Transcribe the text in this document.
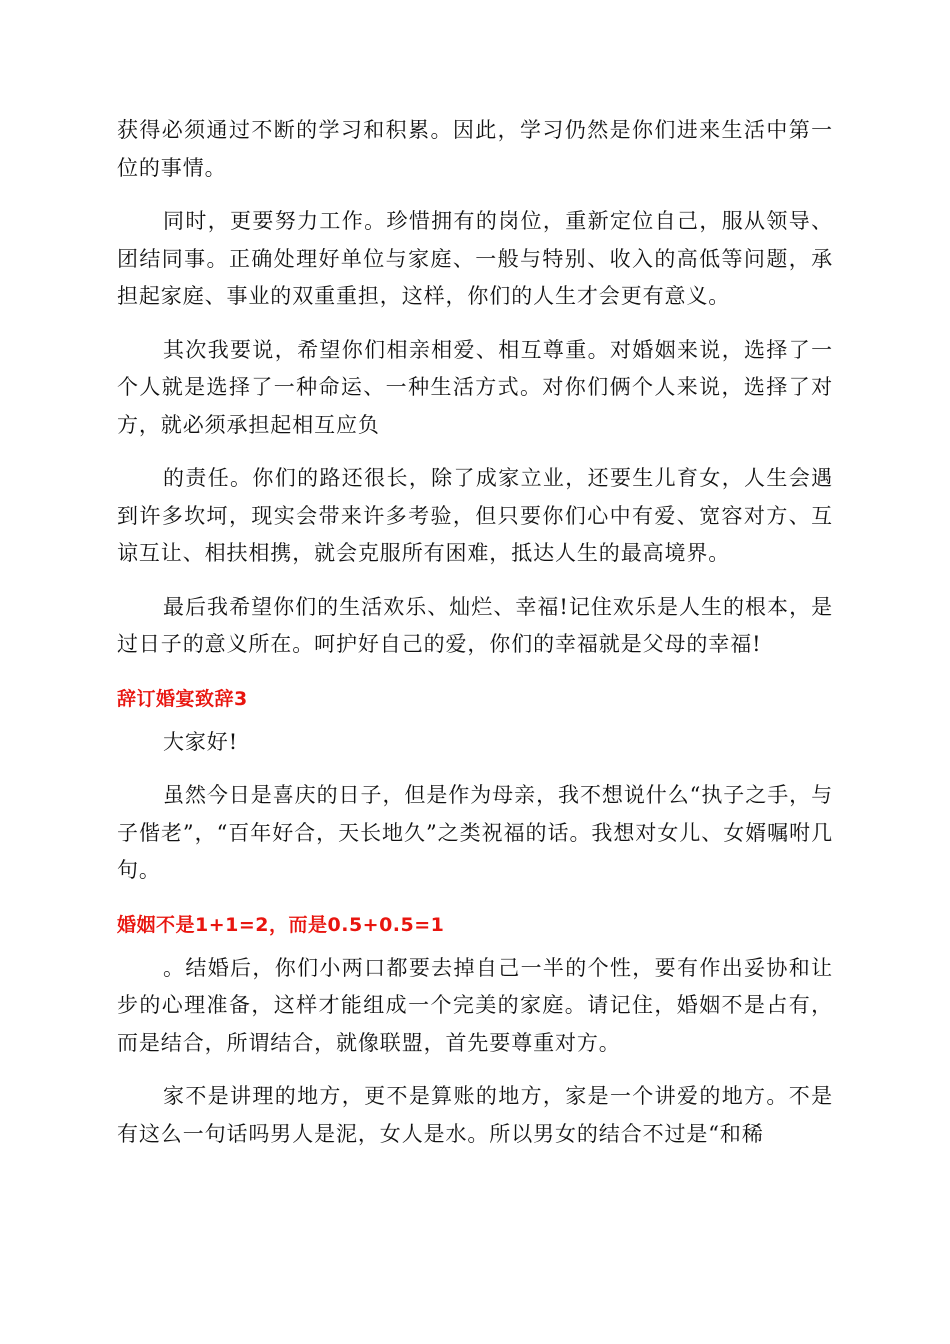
获得必须通过不断的学习和积累。因此，学习仍然是你们进来生活中第一位的事情。

同时，更要努力工作。珍惜拥有的岗位，重新定位自己，服从领导、团结同事。正确处理好单位与家庭、一般与特别、收入的高低等问题，承担起家庭、事业的双重重担，这样，你们的人生才会更有意义。

其次我要说，希望你们相亲相爱、相互尊重。对婚姻来说，选择了一个人就是选择了一种命运、一种生活方式。对你们俩个人来说，选择了对方，就必须承担起相互应负

的责任。你们的路还很长，除了成家立业，还要生儿育女，人生会遇到许多坎坷，现实会带来许多考验，但只要你们心中有爱、宽容对方、互谅互让、相扶相携，就会克服所有困难，抵达人生的最高境界。

最后我希望你们的生活欢乐、灿烂、幸福!记住欢乐是人生的根本，是过日子的意义所在。呵护好自己的爱，你们的幸福就是父母的幸福!

辞订婚宴致辞3

大家好!

虽然今日是喜庆的日子，但是作为母亲，我不想说什么“执子之手，与子偕老”，“百年好合，天长地久”之类祝福的话。我想对女儿、女婿嘱咐几句。

婚姻不是1+1=2，而是0.5+0.5=1

。结婚后，你们小两口都要去掉自己一半的个性，要有作出妥协和让步的心理准备，这样才能组成一个完美的家庭。请记住，婚姻不是占有，而是结合，所谓结合，就像联盟，首先要尊重对方。

家不是讲理的地方，更不是算账的地方，家是一个讲爱的地方。不是有这么一句话吗男人是泥，女人是水。所以男女的结合不过是“和稀
